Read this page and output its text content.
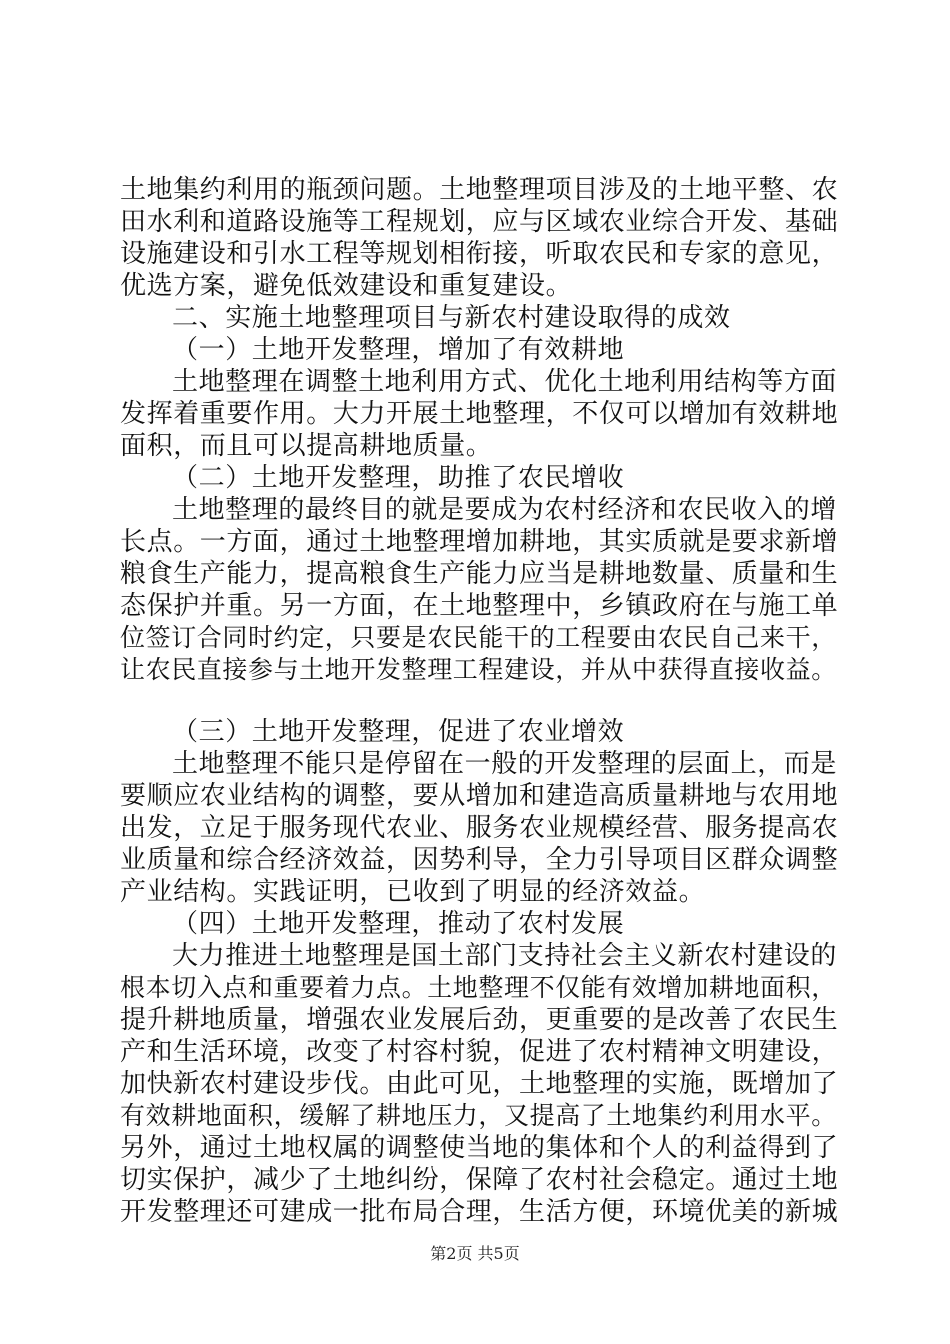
土地集约利用的瓶颈问题。土地整理项目涉及的土地平整、农
田水利和道路设施等工程规划，应与区域农业综合开发、基础
设施建设和引水工程等规划相衔接，听取农民和专家的意见，
优选方案，避免低效建设和重复建设。
二、实施土地整理项目与新农村建设取得的成效
（一）土地开发整理，增加了有效耕地
土地整理在调整土地利用方式、优化土地利用结构等方面
发挥着重要作用。大力开展土地整理，不仅可以增加有效耕地
面积，而且可以提高耕地质量。
（二）土地开发整理，助推了农民增收
土地整理的最终目的就是要成为农村经济和农民收入的增
长点。一方面，通过土地整理增加耕地，其实质就是要求新增
粮食生产能力，提高粮食生产能力应当是耕地数量、质量和生
态保护并重。另一方面，在土地整理中，乡镇政府在与施工单
位签订合同时约定，只要是农民能干的工程要由农民自己来干，
让农民直接参与土地开发整理工程建设，并从中获得直接收益。
（三）土地开发整理，促进了农业增效
土地整理不能只是停留在一般的开发整理的层面上，而是
要顺应农业结构的调整，要从增加和建造高质量耕地与农用地
出发，立足于服务现代农业、服务农业规模经营、服务提高农
业质量和综合经济效益，因势利导，全力引导项目区群众调整
产业结构。实践证明，已收到了明显的经济效益。
（四）土地开发整理，推动了农村发展
大力推进土地整理是国土部门支持社会主义新农村建设的
根本切入点和重要着力点。土地整理不仅能有效增加耕地面积，
提升耕地质量，增强农业发展后劲，更重要的是改善了农民生
产和生活环境，改变了村容村貌，促进了农村精神文明建设，
加快新农村建设步伐。由此可见，土地整理的实施，既增加了
有效耕地面积，缓解了耕地压力，又提高了土地集约利用水平。
另外，通过土地权属的调整使当地的集体和个人的利益得到了
切实保护，减少了土地纠纷，保障了农村社会稳定。通过土地
开发整理还可建成一批布局合理，生活方便，环境优美的新城
第2页 共5页
